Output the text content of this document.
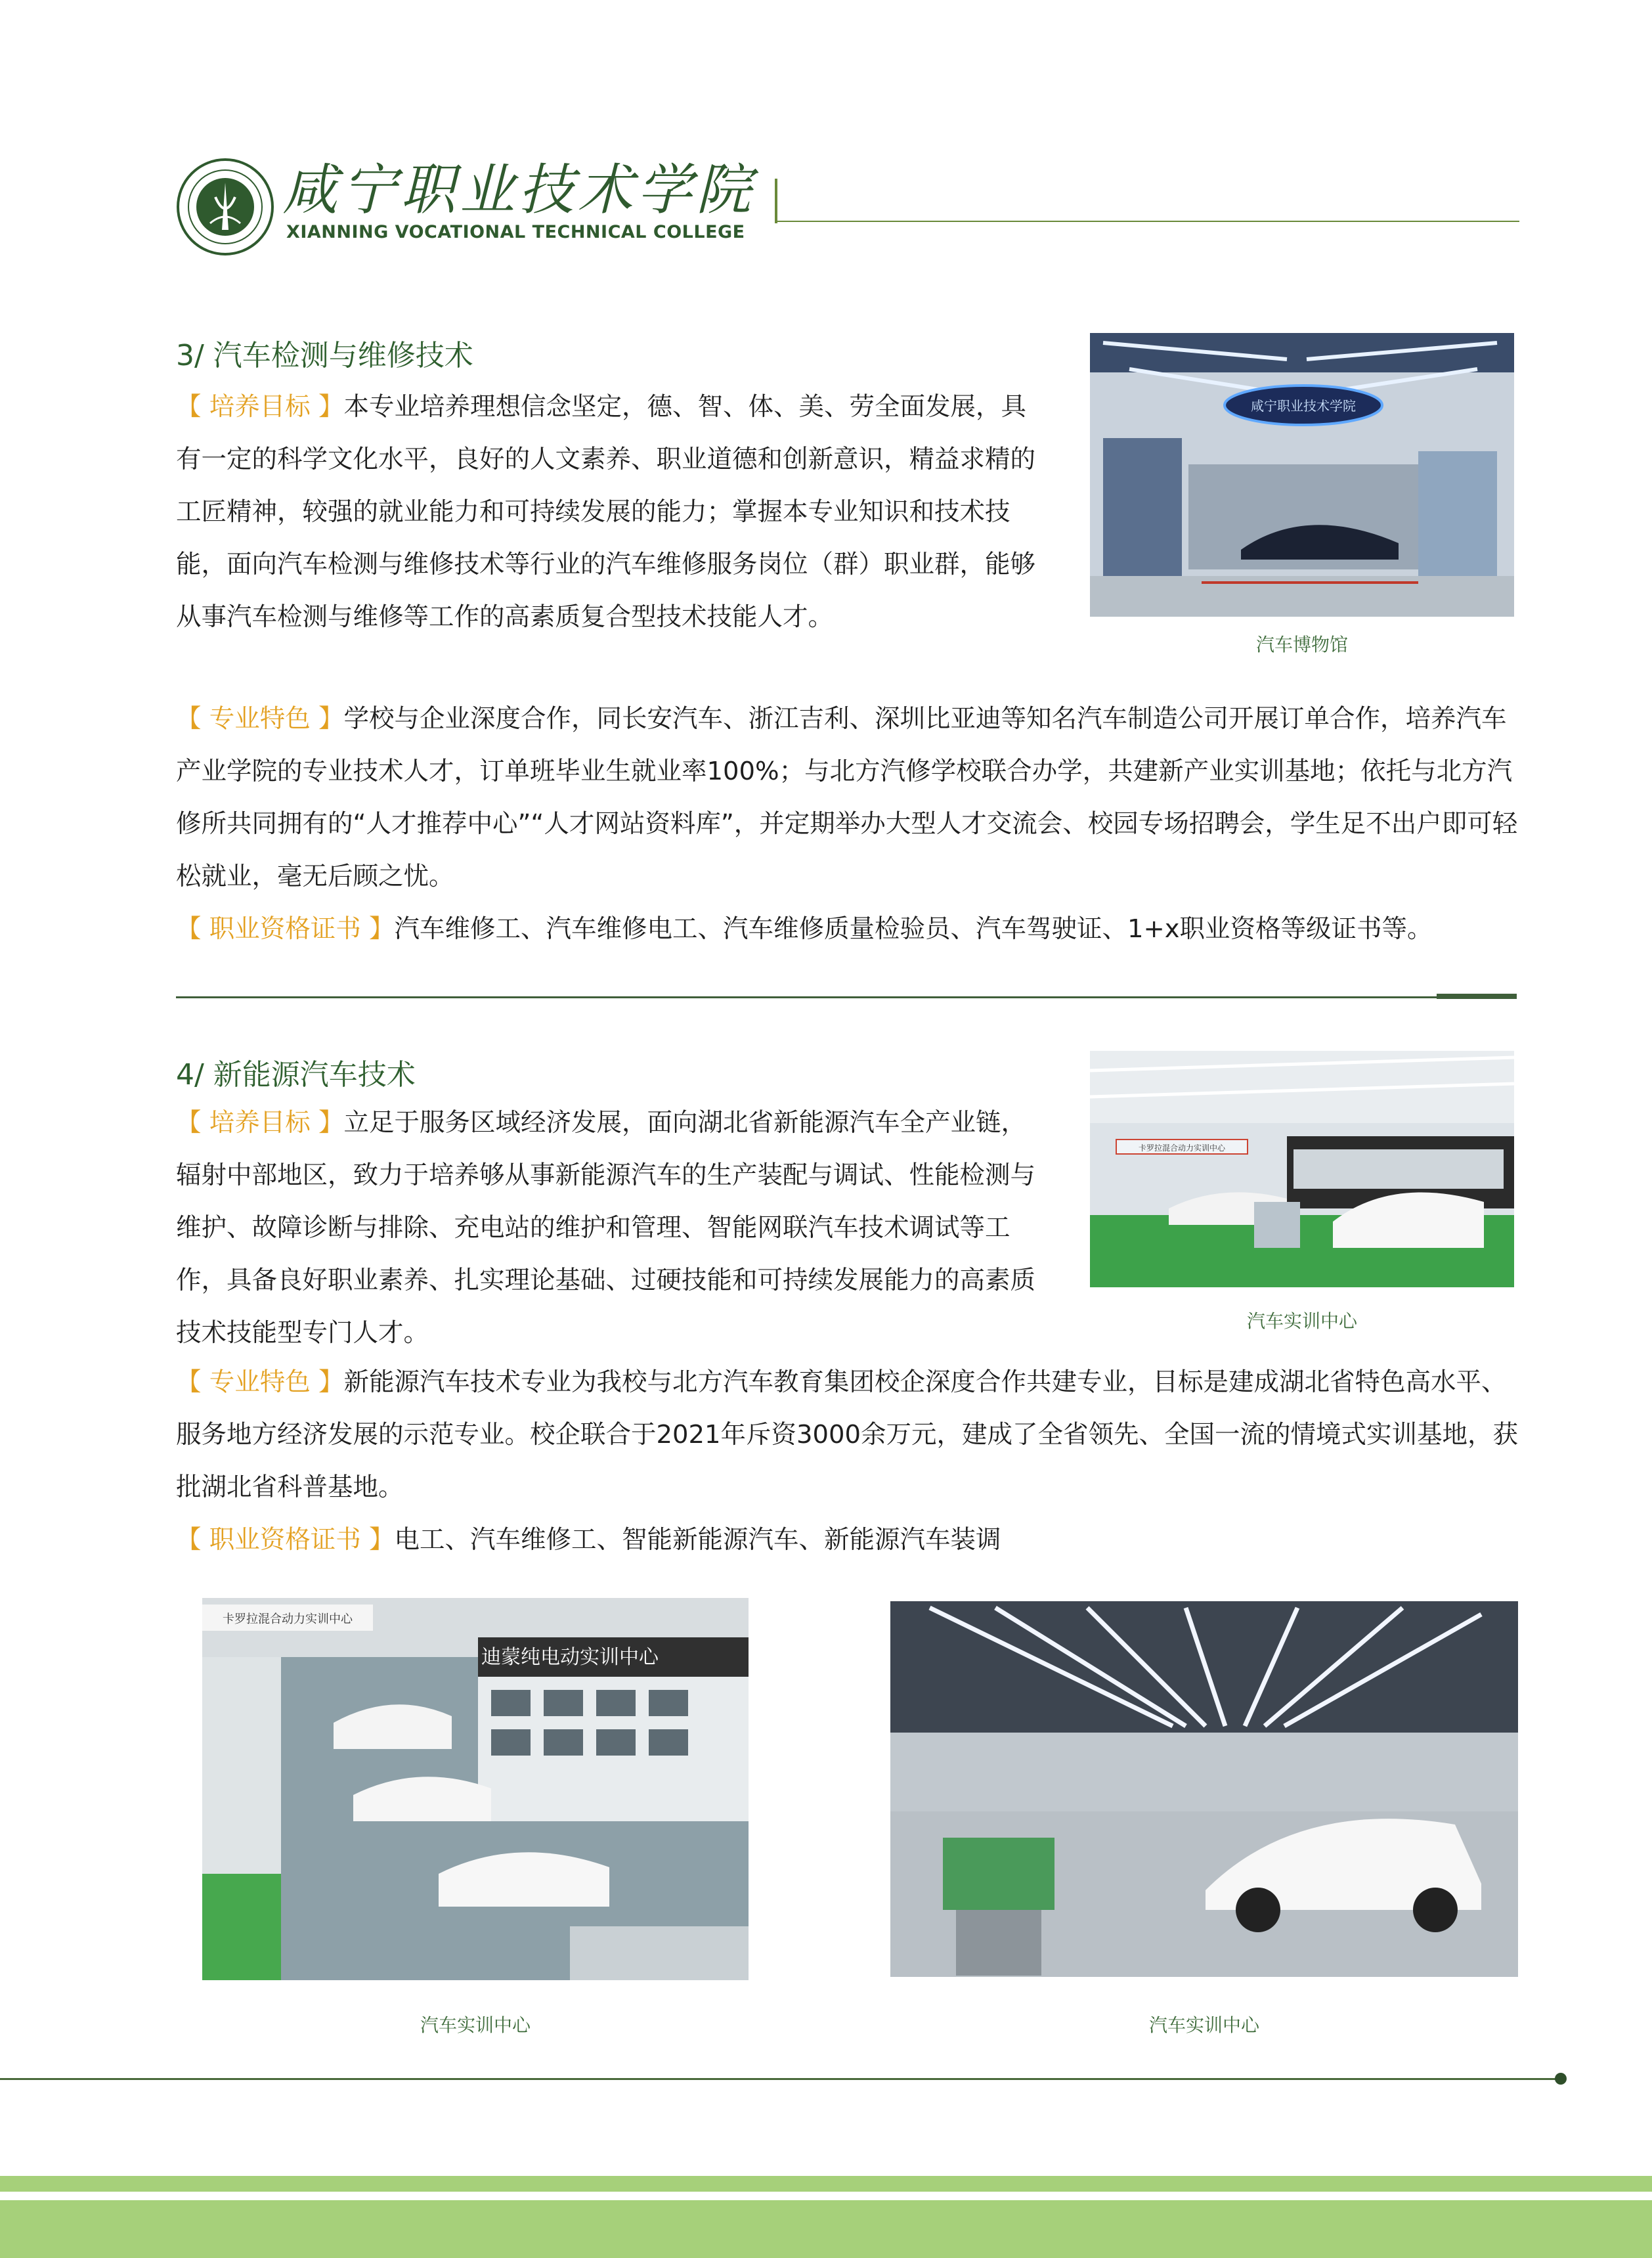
咸宁职业技术学院
XIANNING VOCATIONAL TECHNICAL COLLEGE
3/ 汽车检测与维修技术

【 培养目标 】本专业培养理想信念坚定，德、智、体、美、劳全面发展，具有一定的科学文化水平，良好的人文素养、职业道德和创新意识，精益求精的工匠精神，较强的就业能力和可持续发展的能力；掌握本专业知识和技术技能，面向汽车检测与维修技术等行业的汽车维修服务岗位（群）职业群，能够从事汽车检测与维修等工作的高素质复合型技术技能人才。

咸宁职业技术学院
汽车博物馆

【 专业特色 】学校与企业深度合作，同长安汽车、浙江吉利、深圳比亚迪等知名汽车制造公司开展订单合作，培养汽车产业学院的专业技术人才，订单班毕业生就业率100%；与北方汽修学校联合办学，共建新产业实训基地；依托与北方汽修所共同拥有的“人才推荐中心”“人才网站资料库”，并定期举办大型人才交流会、校园专场招聘会，学生足不出户即可轻松就业，毫无后顾之忧。

【 职业资格证书 】汽车维修工、汽车维修电工、汽车维修质量检验员、汽车驾驶证、1+x职业资格等级证书等。

4/ 新能源汽车技术

【 培养目标 】立足于服务区域经济发展，面向湖北省新能源汽车全产业链，辐射中部地区，致力于培养够从事新能源汽车的生产装配与调试、性能检测与维护、故障诊断与排除、充电站的维护和管理、智能网联汽车技术调试等工作，具备良好职业素养、扎实理论基础、过硬技能和可持续发展能力的高素质技术技能型专门人才。

卡罗拉混合动力实训中心
汽车实训中心

【 专业特色 】新能源汽车技术专业为我校与北方汽车教育集团校企深度合作共建专业，目标是建成湖北省特色高水平、服务地方经济发展的示范专业。校企联合于2021年斥资3000余万元，建成了全省领先、全国一流的情境式实训基地，获批湖北省科普基地。

【 职业资格证书 】电工、汽车维修工、智能新能源汽车、新能源汽车装调

卡罗拉混合动力实训中心
迪蒙纯电动实训中心
汽车实训中心	汽车实训中心
